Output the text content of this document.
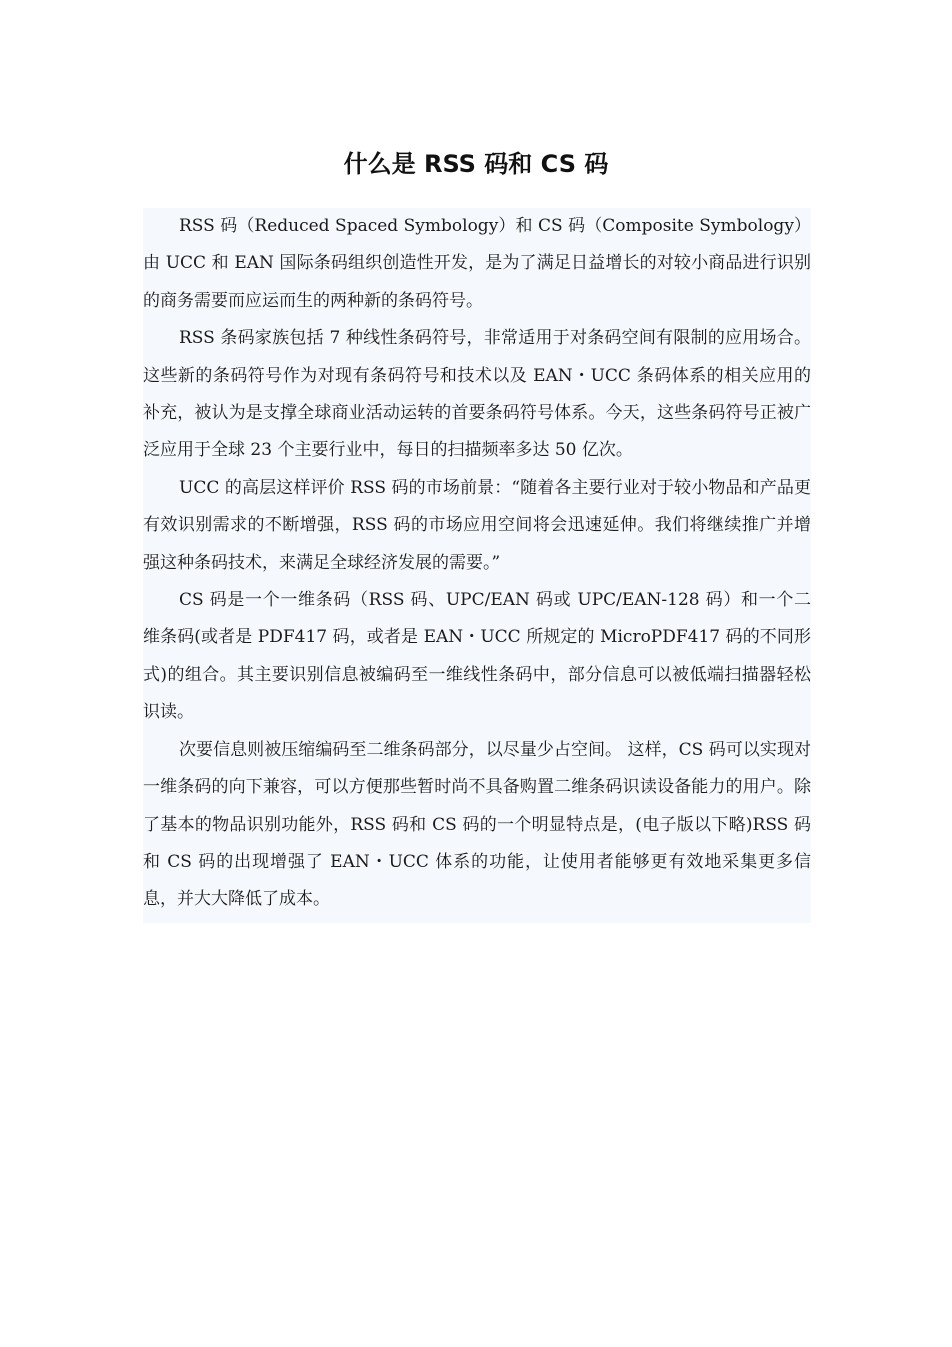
什么是 RSS 码和 CS 码

RSS 码（Reduced Spaced Symbology）和 CS 码（Composite Symbology）由 UCC 和 EAN 国际条码组织创造性开发，是为了满足日益增长的对较小商品进行识别的商务需要而应运而生的两种新的条码符号。

RSS 条码家族包括 7 种线性条码符号，非常适用于对条码空间有限制的应用场合。这些新的条码符号作为对现有条码符号和技术以及 EAN・UCC 条码体系的相关应用的补充，被认为是支撑全球商业活动运转的首要条码符号体系。今天，这些条码符号正被广泛应用于全球 23 个主要行业中，每日的扫描频率多达 50 亿次。

UCC 的高层这样评价 RSS 码的市场前景：“随着各主要行业对于较小物品和产品更有效识别需求的不断增强，RSS 码的市场应用空间将会迅速延伸。我们将继续推广并增强这种条码技术，来满足全球经济发展的需要。”

CS 码是一个一维条码（RSS 码、UPC/EAN 码或 UPC/EAN-128 码）和一个二维条码(或者是 PDF417 码，或者是 EAN・UCC 所规定的 MicroPDF417 码的不同形式)的组合。其主要识别信息被编码至一维线性条码中，部分信息可以被低端扫描器轻松识读。

次要信息则被压缩编码至二维条码部分，以尽量少占空间。 这样，CS 码可以实现对一维条码的向下兼容，可以方便那些暂时尚不具备购置二维条码识读设备能力的用户。除了基本的物品识别功能外，RSS 码和 CS 码的一个明显特点是，(电子版以下略)RSS 码和 CS 码的出现增强了 EAN・UCC 体系的功能，让使用者能够更有效地采集更多信息，并大大降低了成本。
